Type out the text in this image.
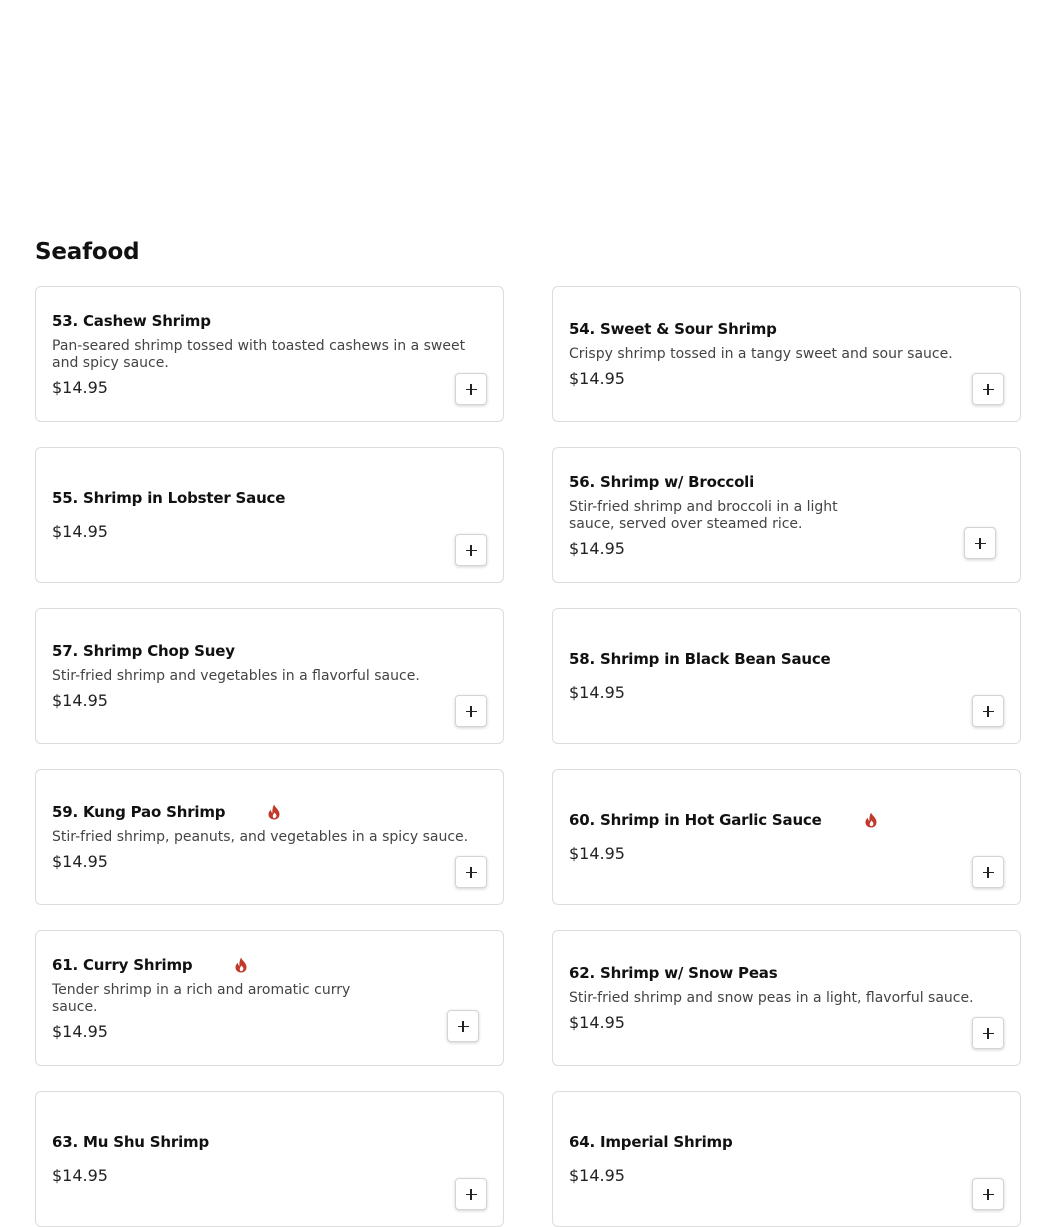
Seafood
53. Cashew Shrimp
Pan-seared shrimp tossed with toasted cashews in a sweet and spicy sauce.
$14.95
54. Sweet & Sour Shrimp
Crispy shrimp tossed in a tangy sweet and sour sauce.
$14.95
55. Shrimp in Lobster Sauce
$14.95
56. Shrimp w/ Broccoli
Stir-fried shrimp and broccoli in a light sauce, served over steamed rice.
$14.95
57. Shrimp Chop Suey
Stir-fried shrimp and vegetables in a flavorful sauce.
$14.95
58. Shrimp in Black Bean Sauce
$14.95
59. Kung Pao Shrimp
Stir-fried shrimp, peanuts, and vegetables in a spicy sauce.
$14.95
60. Shrimp in Hot Garlic Sauce
$14.95
61. Curry Shrimp
Tender shrimp in a rich and aromatic curry sauce.
$14.95
62. Shrimp w/ Snow Peas
Stir-fried shrimp and snow peas in a light, flavorful sauce.
$14.95
63. Mu Shu Shrimp
$14.95
64. Imperial Shrimp
$14.95
